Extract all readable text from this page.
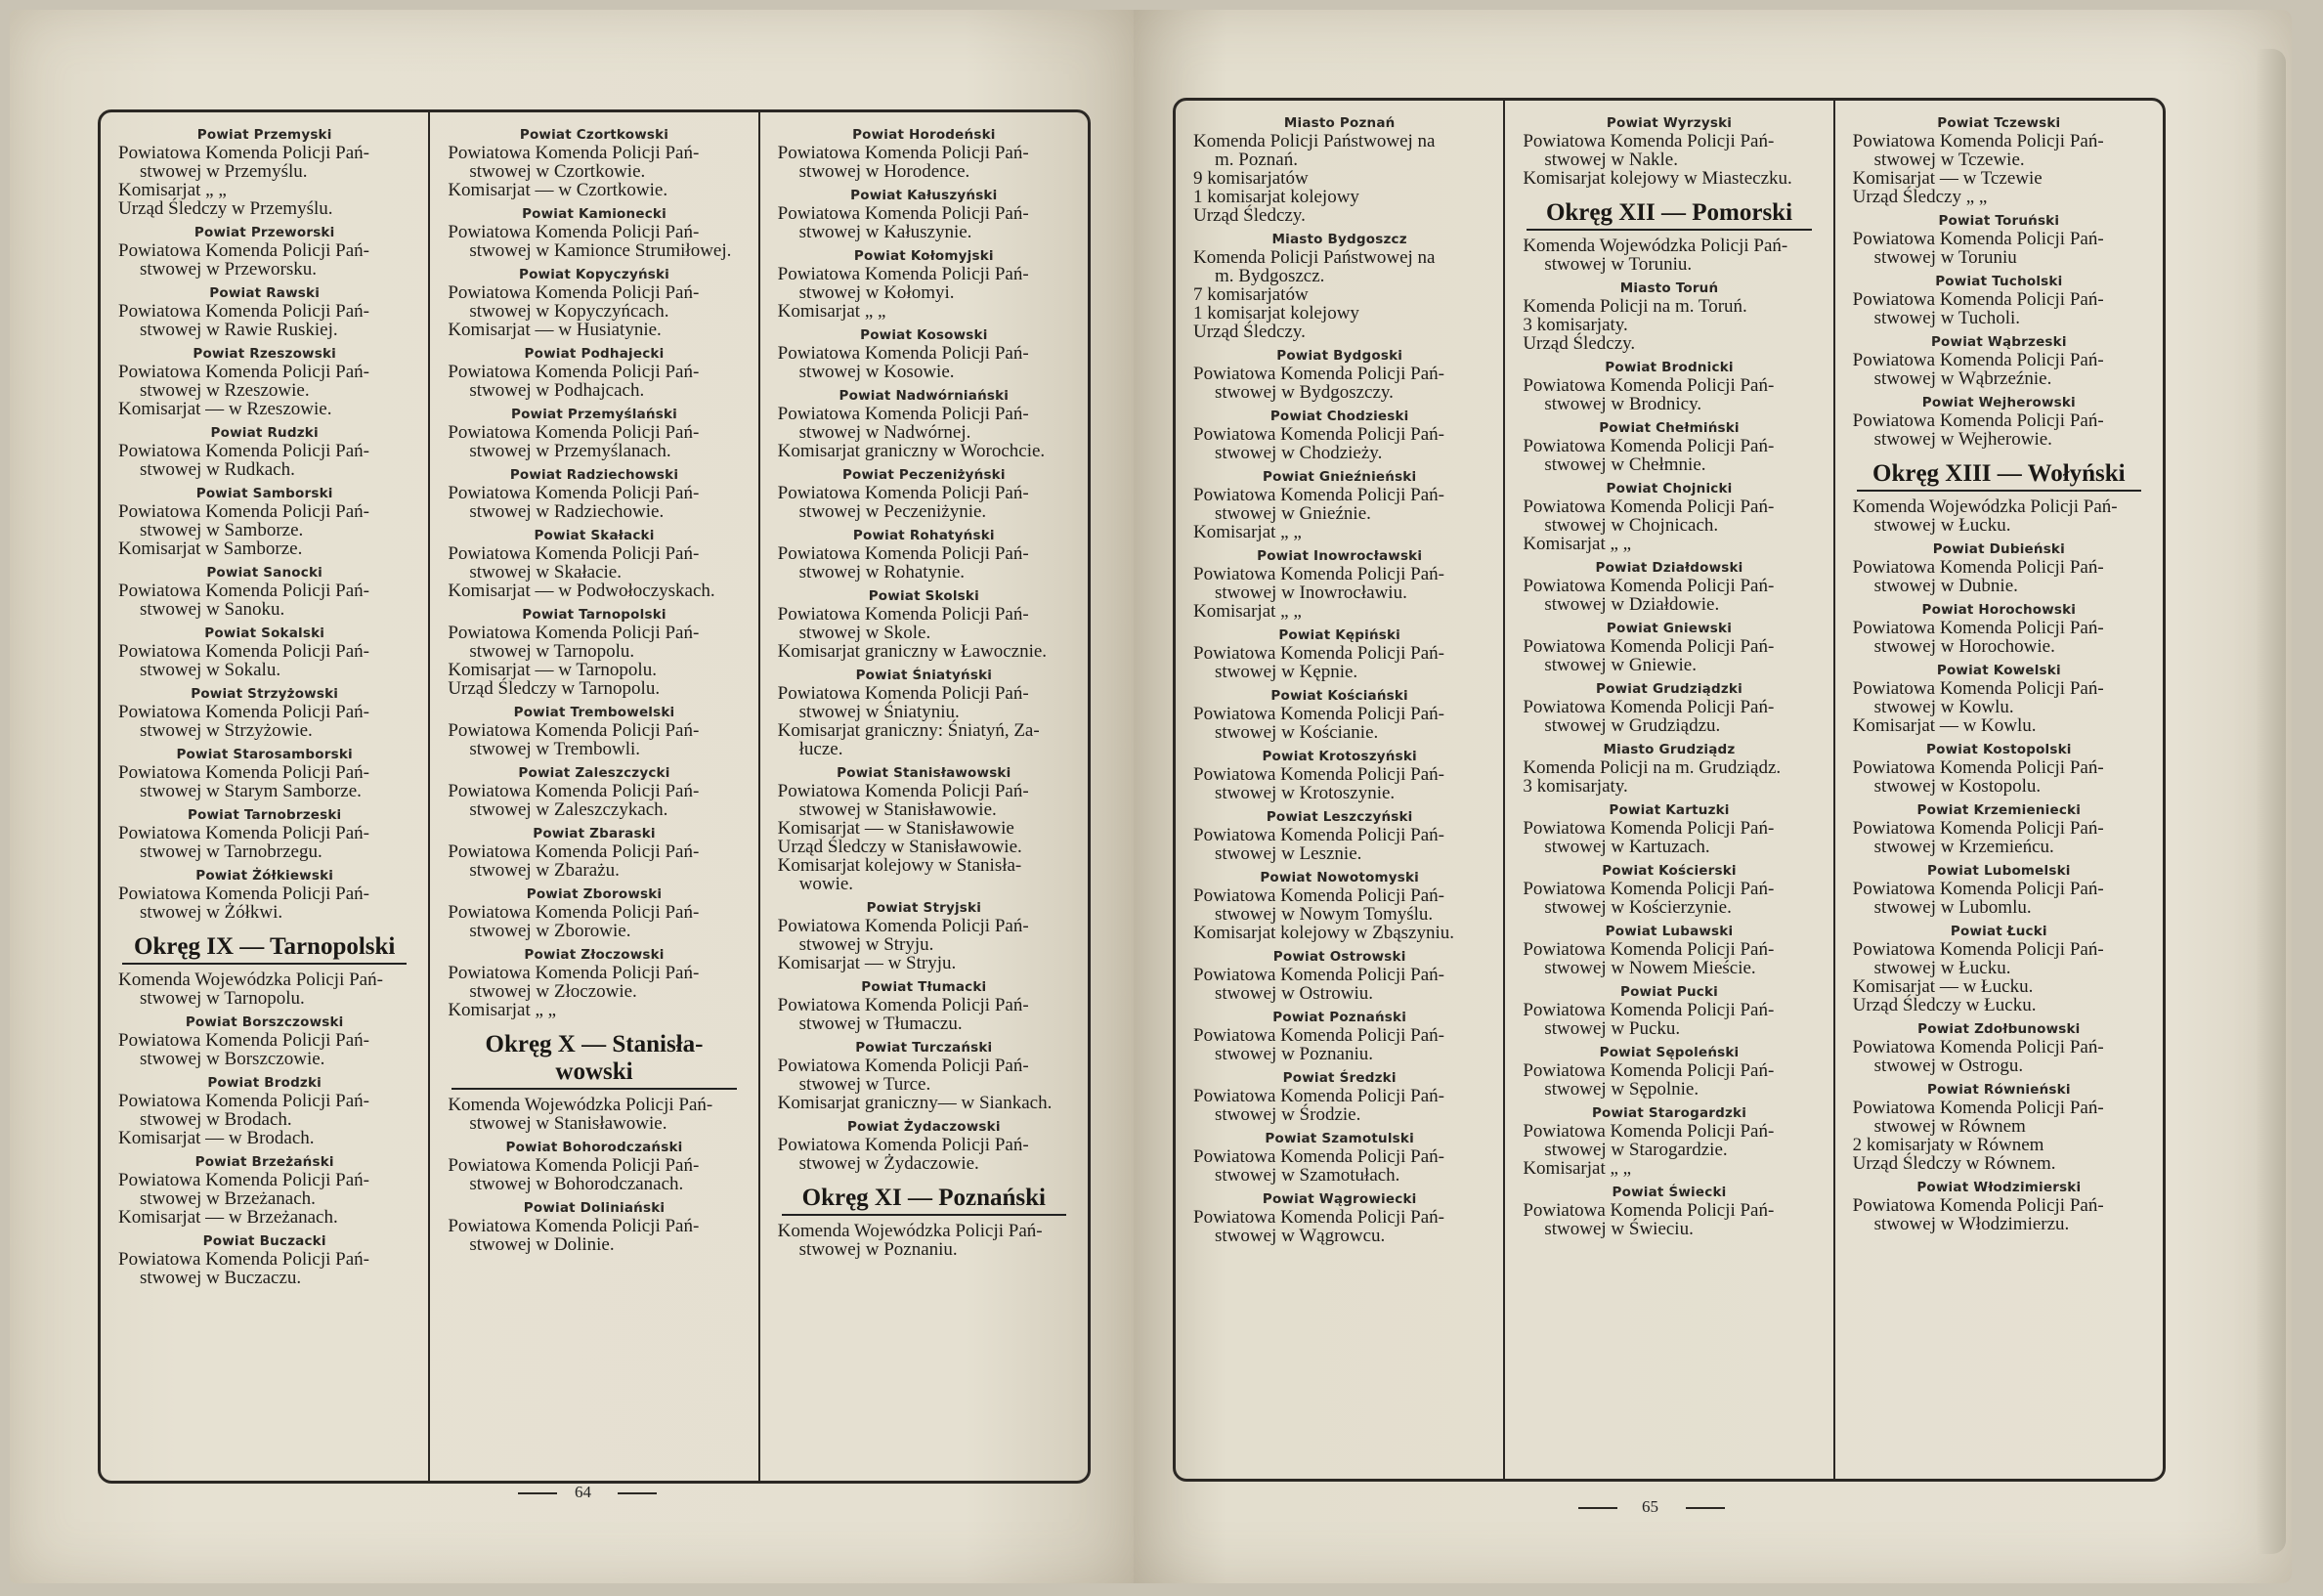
Powiat Przemyski
Powiatowa Komenda Policji Pań-
stwowej w Przemyślu.
Komisarjat „ „
Urząd Śledczy w Przemyślu.
Powiat Przeworski
Powiatowa Komenda Policji Pań-
stwowej w Przeworsku.
Powiat Rawski
Powiatowa Komenda Policji Pań-
stwowej w Rawie Ruskiej.
Powiat Rzeszowski
Powiatowa Komenda Policji Pań-
stwowej w Rzeszowie.
Komisarjat — w Rzeszowie.
Powiat Rudzki
Powiatowa Komenda Policji Pań-
stwowej w Rudkach.
Powiat Samborski
Powiatowa Komenda Policji Pań-
stwowej w Samborze.
Komisarjat w Samborze.
Powiat Sanocki
Powiatowa Komenda Policji Pań-
stwowej w Sanoku.
Powiat Sokalski
Powiatowa Komenda Policji Pań-
stwowej w Sokalu.
Powiat Strzyżowski
Powiatowa Komenda Policji Pań-
stwowej w Strzyżowie.
Powiat Starosamborski
Powiatowa Komenda Policji Pań-
stwowej w Starym Samborze.
Powiat Tarnobrzeski
Powiatowa Komenda Policji Pań-
stwowej w Tarnobrzegu.
Powiat Żółkiewski
Powiatowa Komenda Policji Pań-
stwowej w Żółkwi.
Okręg IX — Tarnopolski
Komenda Wojewódzka Policji Pań-
stwowej w Tarnopolu.
Powiat Borszczowski
Powiatowa Komenda Policji Pań-
stwowej w Borszczowie.
Powiat Brodzki
Powiatowa Komenda Policji Pań-
stwowej w Brodach.
Komisarjat — w Brodach.
Powiat Brzeżański
Powiatowa Komenda Policji Pań-
stwowej w Brzeżanach.
Komisarjat — w Brzeżanach.
Powiat Buczacki
Powiatowa Komenda Policji Pań-
stwowej w Buczaczu.
Powiat Czortkowski
Powiatowa Komenda Policji Pań-
stwowej w Czortkowie.
Komisarjat — w Czortkowie.
Powiat Kamionecki
Powiatowa Komenda Policji Pań-
stwowej w Kamionce Strumiłowej.
Powiat Kopyczyński
Powiatowa Komenda Policji Pań-
stwowej w Kopyczyńcach.
Komisarjat — w Husiatynie.
Powiat Podhajecki
Powiatowa Komenda Policji Pań-
stwowej w Podhajcach.
Powiat Przemyślański
Powiatowa Komenda Policji Pań-
stwowej w Przemyślanach.
Powiat Radziechowski
Powiatowa Komenda Policji Pań-
stwowej w Radziechowie.
Powiat Skałacki
Powiatowa Komenda Policji Pań-
stwowej w Skałacie.
Komisarjat — w Podwołoczyskach.
Powiat Tarnopolski
Powiatowa Komenda Policji Pań-
stwowej w Tarnopolu.
Komisarjat — w Tarnopolu.
Urząd Śledczy w Tarnopolu.
Powiat Trembowelski
Powiatowa Komenda Policji Pań-
stwowej w Trembowli.
Powiat Zaleszczycki
Powiatowa Komenda Policji Pań-
stwowej w Zaleszczykach.
Powiat Zbaraski
Powiatowa Komenda Policji Pań-
stwowej w Zbarażu.
Powiat Zborowski
Powiatowa Komenda Policji Pań-
stwowej w Zborowie.
Powiat Złoczowski
Powiatowa Komenda Policji Pań-
stwowej w Złoczowie.
Komisarjat „ „
Okręg X — Stanisła- wowski
Komenda Wojewódzka Policji Pań-
stwowej w Stanisławowie.
Powiat Bohorodczański
Powiatowa Komenda Policji Pań-
stwowej w Bohorodczanach.
Powiat Doliniański
Powiatowa Komenda Policji Pań-
stwowej w Dolinie.
Powiat Horodeński
Powiatowa Komenda Policji Pań-
stwowej w Horodence.
Powiat Kałuszyński
Powiatowa Komenda Policji Pań-
stwowej w Kałuszynie.
Powiat Kołomyjski
Powiatowa Komenda Policji Pań-
stwowej w Kołomyi.
Komisarjat „ „
Powiat Kosowski
Powiatowa Komenda Policji Pań-
stwowej w Kosowie.
Powiat Nadwórniański
Powiatowa Komenda Policji Pań-
stwowej w Nadwórnej.
Komisarjat graniczny w Worochcie.
Powiat Peczeniżyński
Powiatowa Komenda Policji Pań-
stwowej w Peczeniżynie.
Powiat Rohatyński
Powiatowa Komenda Policji Pań-
stwowej w Rohatynie.
Powiat Skolski
Powiatowa Komenda Policji Pań-
stwowej w Skole.
Komisarjat graniczny w Ławocznie.
Powiat Śniatyński
Powiatowa Komenda Policji Pań-
stwowej w Śniatyniu.
Komisarjat graniczny: Śniatyń, Za-
łucze.
Powiat Stanisławowski
Powiatowa Komenda Policji Pań-
stwowej w Stanisławowie.
Komisarjat — w Stanisławowie
Urząd Śledczy w Stanisławowie.
Komisarjat kolejowy w Stanisła-
wowie.
Powiat Stryjski
Powiatowa Komenda Policji Pań-
stwowej w Stryju.
Komisarjat — w Stryju.
Powiat Tłumacki
Powiatowa Komenda Policji Pań-
stwowej w Tłumaczu.
Powiat Turczański
Powiatowa Komenda Policji Pań-
stwowej w Turce.
Komisarjat graniczny— w Siankach.
Powiat Żydaczowski
Powiatowa Komenda Policji Pań-
stwowej w Żydaczowie.
Okręg XI — Poznański
Komenda Wojewódzka Policji Pań-
stwowej w Poznaniu.
Miasto Poznań
Komenda Policji Państwowej na
m. Poznań.
9 komisarjatów
1 komisarjat kolejowy
Urząd Śledczy.
Miasto Bydgoszcz
Komenda Policji Państwowej na
m. Bydgoszcz.
7 komisarjatów
1 komisarjat kolejowy
Urząd Śledczy.
Powiat Bydgoski
Powiatowa Komenda Policji Pań-
stwowej w Bydgoszczy.
Powiat Chodzieski
Powiatowa Komenda Policji Pań-
stwowej w Chodzieży.
Powiat Gnieźnieński
Powiatowa Komenda Policji Pań-
stwowej w Gnieźnie.
Komisarjat „ „
Powiat Inowrocławski
Powiatowa Komenda Policji Pań-
stwowej w Inowrocławiu.
Komisarjat „ „
Powiat Kępiński
Powiatowa Komenda Policji Pań-
stwowej w Kępnie.
Powiat Kościański
Powiatowa Komenda Policji Pań-
stwowej w Kościanie.
Powiat Krotoszyński
Powiatowa Komenda Policji Pań-
stwowej w Krotoszynie.
Powiat Leszczyński
Powiatowa Komenda Policji Pań-
stwowej w Lesznie.
Powiat Nowotomyski
Powiatowa Komenda Policji Pań-
stwowej w Nowym Tomyślu.
Komisarjat kolejowy w Zbąszyniu.
Powiat Ostrowski
Powiatowa Komenda Policji Pań-
stwowej w Ostrowiu.
Powiat Poznański
Powiatowa Komenda Policji Pań-
stwowej w Poznaniu.
Powiat Średzki
Powiatowa Komenda Policji Pań-
stwowej w Środzie.
Powiat Szamotulski
Powiatowa Komenda Policji Pań-
stwowej w Szamotułach.
Powiat Wągrowiecki
Powiatowa Komenda Policji Pań-
stwowej w Wągrowcu.
Powiat Wyrzyski
Powiatowa Komenda Policji Pań-
stwowej w Nakle.
Komisarjat kolejowy w Miasteczku.
Okręg XII — Pomorski
Komenda Wojewódzka Policji Pań-
stwowej w Toruniu.
Miasto Toruń
Komenda Policji na m. Toruń.
3 komisarjaty.
Urząd Śledczy.
Powiat Brodnicki
Powiatowa Komenda Policji Pań-
stwowej w Brodnicy.
Powiat Chełmiński
Powiatowa Komenda Policji Pań-
stwowej w Chełmnie.
Powiat Chojnicki
Powiatowa Komenda Policji Pań-
stwowej w Chojnicach.
Komisarjat „ „
Powiat Działdowski
Powiatowa Komenda Policji Pań-
stwowej w Działdowie.
Powiat Gniewski
Powiatowa Komenda Policji Pań-
stwowej w Gniewie.
Powiat Grudziądzki
Powiatowa Komenda Policji Pań-
stwowej w Grudziądzu.
Miasto Grudziądz
Komenda Policji na m. Grudziądz.
3 komisarjaty.
Powiat Kartuzki
Powiatowa Komenda Policji Pań-
stwowej w Kartuzach.
Powiat Kościerski
Powiatowa Komenda Policji Pań-
stwowej w Kościerzynie.
Powiat Lubawski
Powiatowa Komenda Policji Pań-
stwowej w Nowem Mieście.
Powiat Pucki
Powiatowa Komenda Policji Pań-
stwowej w Pucku.
Powiat Sępoleński
Powiatowa Komenda Policji Pań-
stwowej w Sępolnie.
Powiat Starogardzki
Powiatowa Komenda Policji Pań-
stwowej w Starogardzie.
Komisarjat „ „
Powiat Świecki
Powiatowa Komenda Policji Pań-
stwowej w Świeciu.
Powiat Tczewski
Powiatowa Komenda Policji Pań-
stwowej w Tczewie.
Komisarjat — w Tczewie
Urząd Śledczy „ „
Powiat Toruński
Powiatowa Komenda Policji Pań-
stwowej w Toruniu
Powiat Tucholski
Powiatowa Komenda Policji Pań-
stwowej w Tucholi.
Powiat Wąbrzeski
Powiatowa Komenda Policji Pań-
stwowej w Wąbrzeźnie.
Powiat Wejherowski
Powiatowa Komenda Policji Pań-
stwowej w Wejherowie.
Okręg XIII — Wołyński
Komenda Wojewódzka Policji Pań-
stwowej w Łucku.
Powiat Dubieński
Powiatowa Komenda Policji Pań-
stwowej w Dubnie.
Powiat Horochowski
Powiatowa Komenda Policji Pań-
stwowej w Horochowie.
Powiat Kowelski
Powiatowa Komenda Policji Pań-
stwowej w Kowlu.
Komisarjat — w Kowlu.
Powiat Kostopolski
Powiatowa Komenda Policji Pań-
stwowej w Kostopolu.
Powiat Krzemieniecki
Powiatowa Komenda Policji Pań-
stwowej w Krzemieńcu.
Powiat Lubomelski
Powiatowa Komenda Policji Pań-
stwowej w Lubomlu.
Powiat Łucki
Powiatowa Komenda Policji Pań-
stwowej w Łucku.
Komisarjat — w Łucku.
Urząd Śledczy w Łucku.
Powiat Zdołbunowski
Powiatowa Komenda Policji Pań-
stwowej w Ostrogu.
Powiat Równieński
Powiatowa Komenda Policji Pań-
stwowej w Równem
2 komisarjaty w Równem
Urząd Śledczy w Równem.
Powiat Włodzimierski
Powiatowa Komenda Policji Pań-
stwowej w Włodzimierzu.
64
65
